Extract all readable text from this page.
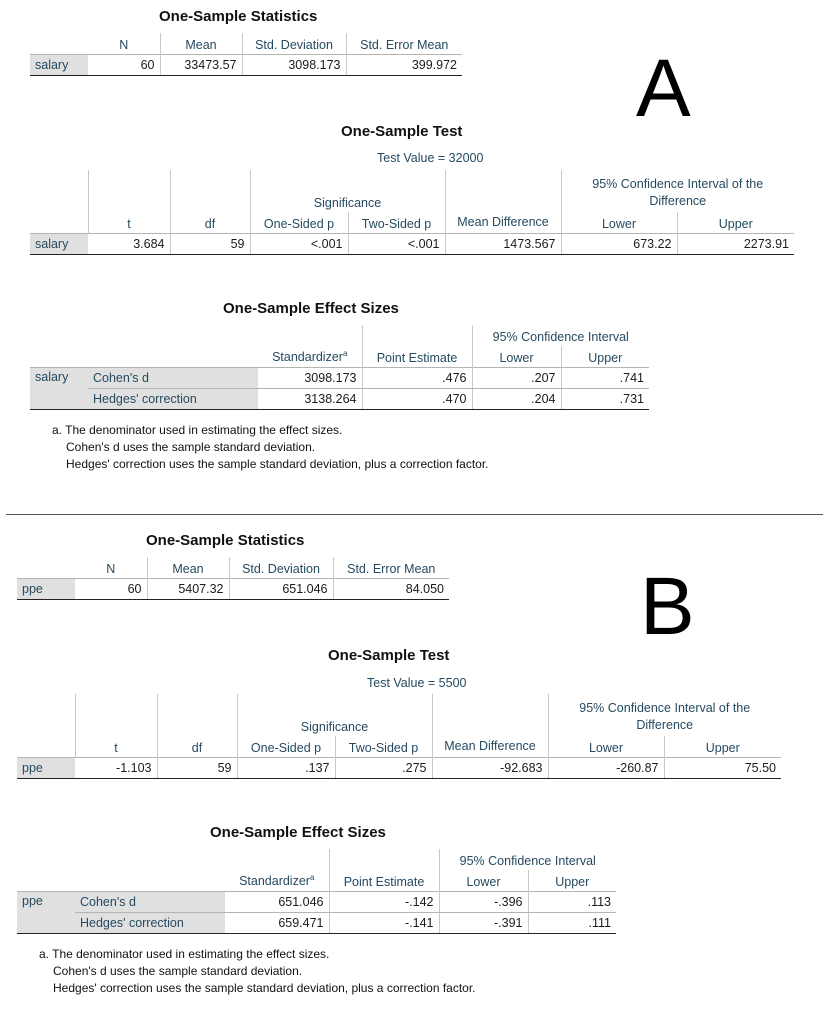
One-Sample Statistics
	N	Mean	Std. Deviation	Std. Error Mean
salary	60	33473.57	3098.173	399.972 A
One-Sample Test
Test Value = 32000
			Significance			95% Confidence Interval of the Difference	

	t	df	One-Sided p	Two-Sided p	Mean Difference	Lower	Upper
salary	3.684	59	<.001	<.001	1473.567	673.22	2273.91
One-Sample Effect Sizes
				95% Confidence Interval	
		Standardizer$^a$	Point Estimate	Lower	Upper
salary	Cohen's d	3098.173	.476	.207	.741
	Hedges' correction	3138.264	.470	.204	.731
a. The denominator used in estimating the effect sizes.
Cohen's d uses the sample standard deviation.
Hedges' correction uses the sample standard deviation, plus a correction factor.
One-Sample Statistics
	N	Mean	Std. Deviation	Std. Error Mean
ppe	60	5407.32	651.046	84.050 B
One-Sample Test
Test Value = 5500
			Significance			95% Confidence Interval of the Difference	

	t	df	One-Sided p	Two-Sided p	Mean Difference	Lower	Upper
ppe	-1.103	59	.137	.275	-92.683	-260.87	75.50
One-Sample Effect Sizes
				95% Confidence Interval	
		Standardizer$^a$	Point Estimate	Lower	Upper
ppe	Cohen's d	651.046	-.142	-.396	.113
	Hedges' correction	659.471	-.141	-.391	.111
a. The denominator used in estimating the effect sizes.
Cohen's d uses the sample standard deviation.
Hedges' correction uses the sample standard deviation, plus a correction factor.
